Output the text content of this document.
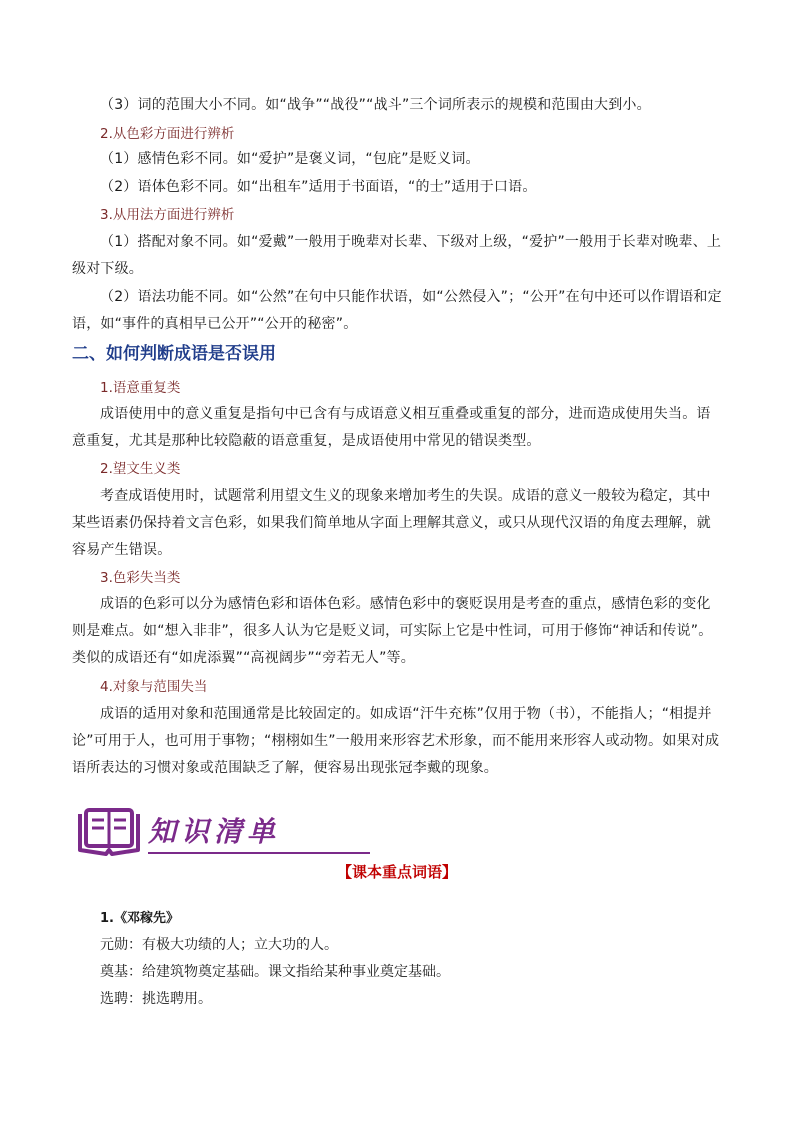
（3）词的范围大小不同。如“战争”“战役”“战斗”三个词所表示的规模和范围由大到小。

2.从色彩方面进行辨析

（1）感情色彩不同。如“爱护”是褒义词，“包庇”是贬义词。

（2）语体色彩不同。如“出租车”适用于书面语，“的士”适用于口语。

3.从用法方面进行辨析

（1）搭配对象不同。如“爱戴”一般用于晚辈对长辈、下级对上级，“爱护”一般用于长辈对晚辈、上级对下级。

（2）语法功能不同。如“公然”在句中只能作状语，如“公然侵入”；“公开”在句中还可以作谓语和定语，如“事件的真相早已公开”“公开的秘密”。

二、如何判断成语是否误用
1.语意重复类

成语使用中的意义重复是指句中已含有与成语意义相互重叠或重复的部分，进而造成使用失当。语意重复，尤其是那种比较隐蔽的语意重复，是成语使用中常见的错误类型。

2.望文生义类

考查成语使用时，试题常利用望文生义的现象来增加考生的失误。成语的意义一般较为稳定，其中某些语素仍保持着文言色彩，如果我们简单地从字面上理解其意义，或只从现代汉语的角度去理解，就容易产生错误。

3.色彩失当类

成语的色彩可以分为感情色彩和语体色彩。感情色彩中的褒贬误用是考查的重点，感情色彩的变化则是难点。如“想入非非”，很多人认为它是贬义词，可实际上它是中性词，可用于修饰“神话和传说”。类似的成语还有“如虎添翼”“高视阔步”“旁若无人”等。

4.对象与范围失当

成语的适用对象和范围通常是比较固定的。如成语“汗牛充栋”仅用于物（书），不能指人；“相提并论”可用于人，也可用于事物；“栩栩如生”一般用来形容艺术形象，而不能用来形容人或动物。如果对成语所表达的习惯对象或范围缺乏了解，便容易出现张冠李戴的现象。

知识清单
【课本重点词语】
1.《邓稼先》
元勋：有极大功绩的人；立大功的人。
奠基：给建筑物奠定基础。课文指给某种事业奠定基础。
选聘：挑选聘用。
